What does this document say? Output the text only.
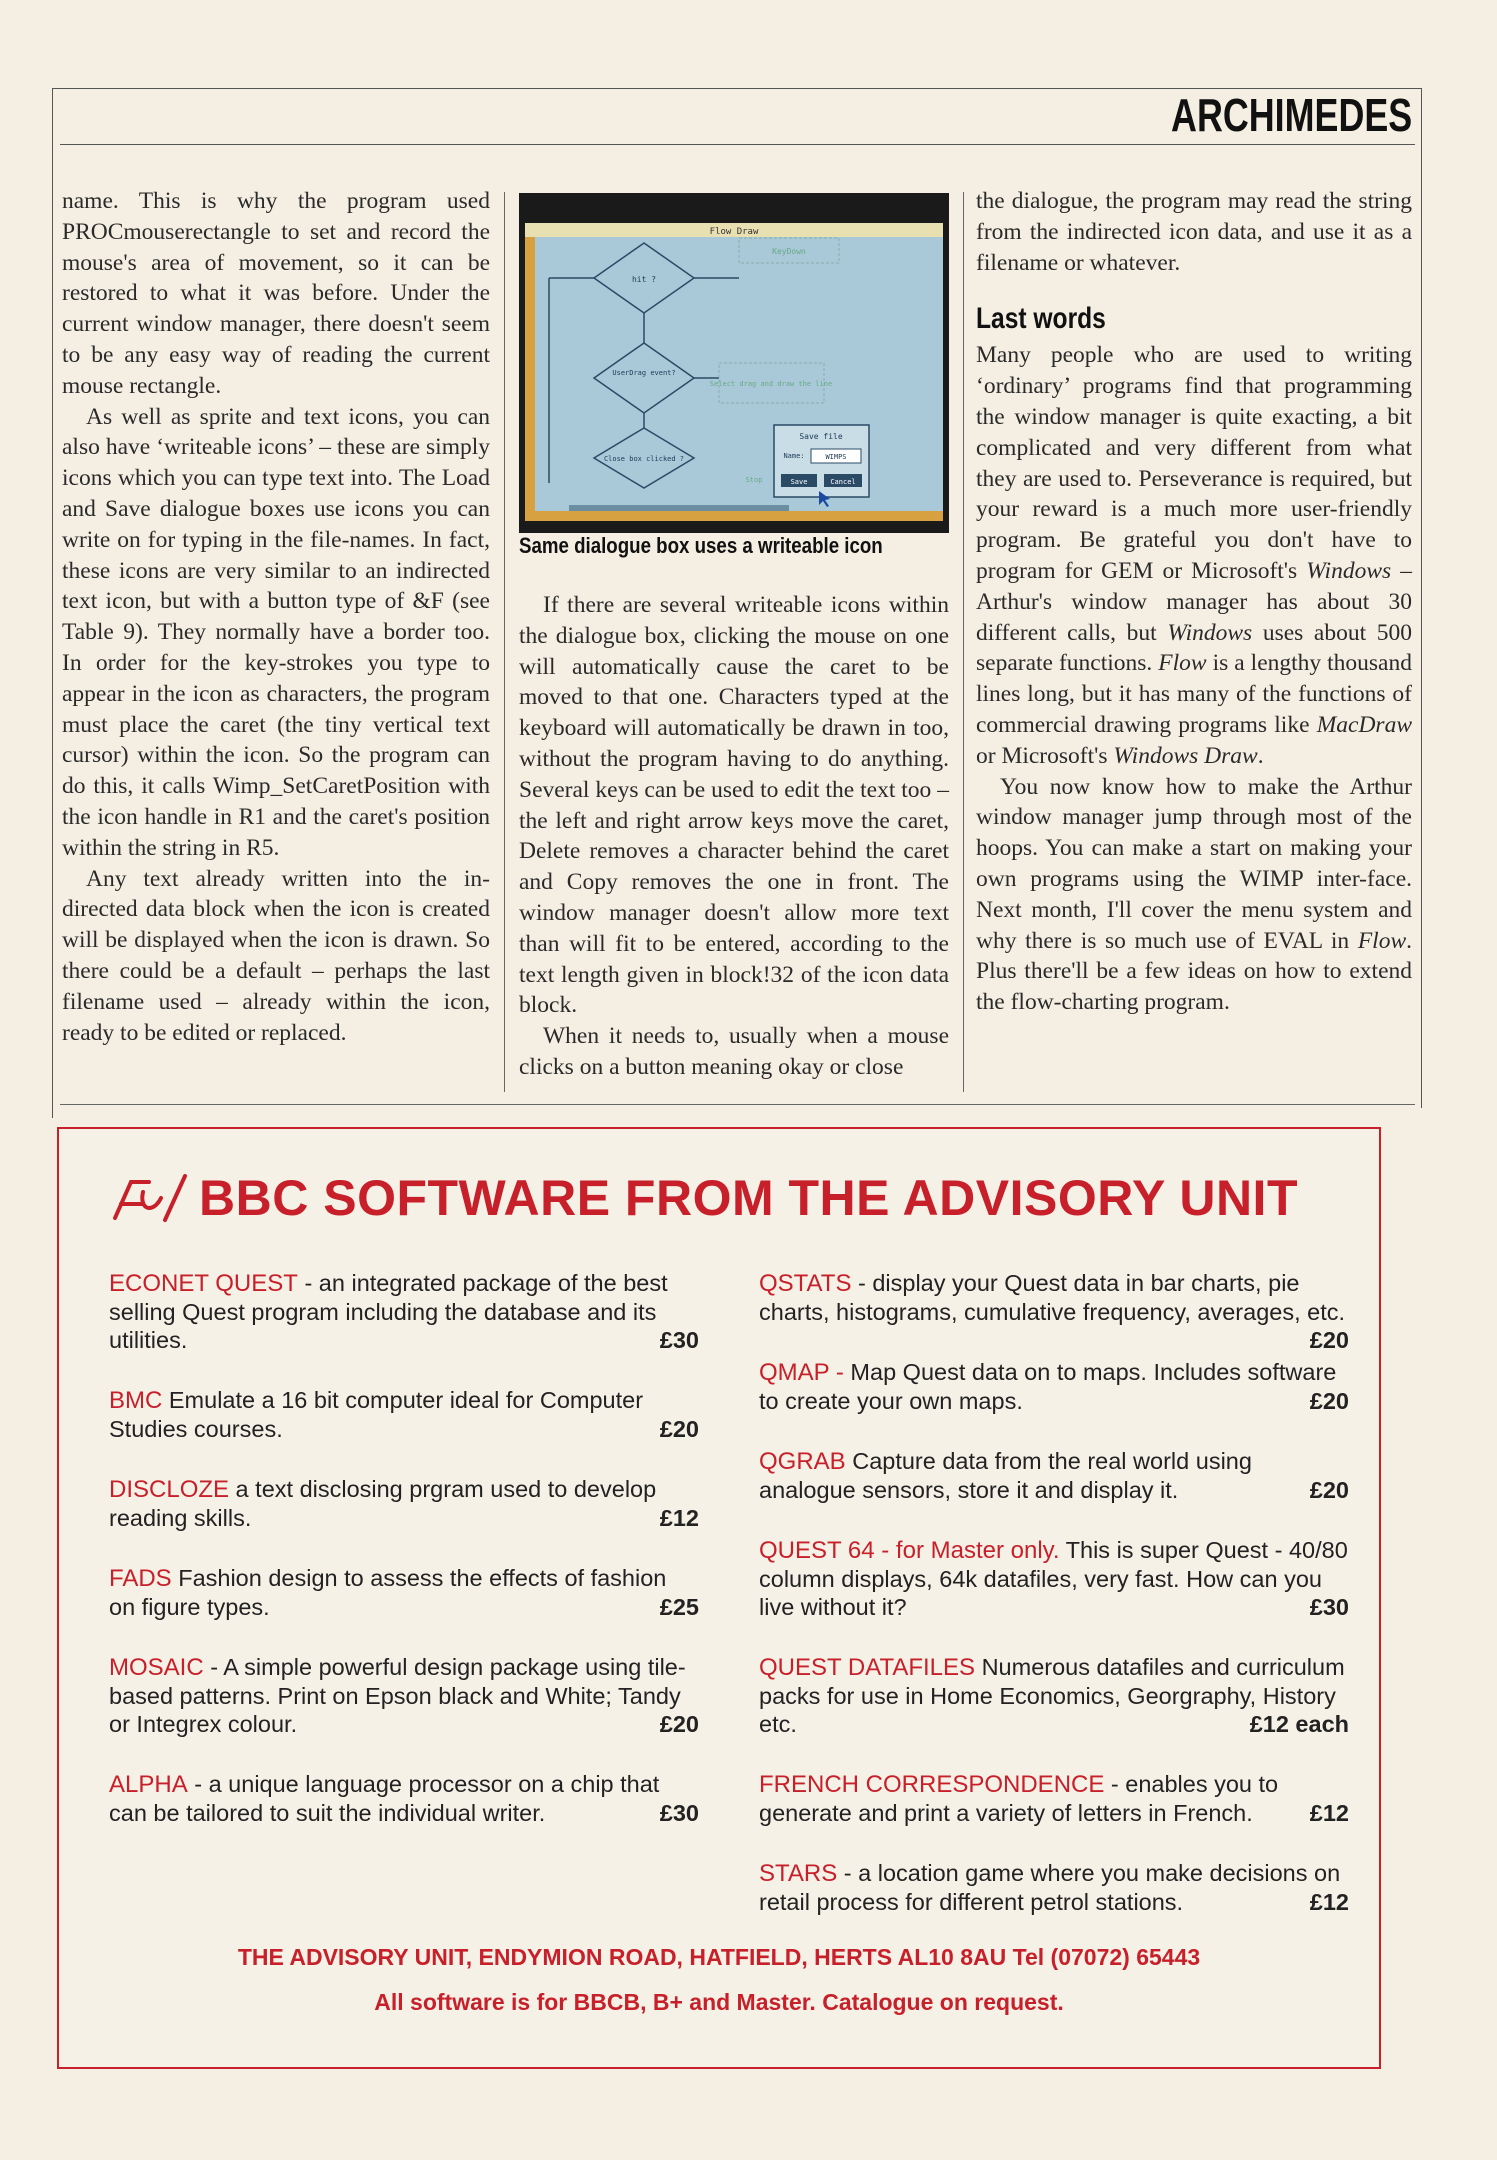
ARCHIMEDES

name. This is why the program used PROCmouserectangle to set and record the mouse's area of movement, so it can be restored to what it was before. Under the current window manager, there doesn't seem to be any easy way of reading the current mouse rectangle.

As well as sprite and text icons, you can also have ‘writeable icons’ – these are simply icons which you can type text into. The Load and Save dialogue boxes use icons you can write on for typing in the file-names. In fact, these icons are very similar to an indirected text icon, but with a button type of &F (see Table 9). They normally have a border too. In order for the key-strokes you type to appear in the icon as characters, the program must place the caret (the tiny vertical text cursor) within the icon. So the program can do this, it calls Wimp_SetCaretPosition with the icon handle in R1 and the caret's position within the string in R5.

Any text already written into the in-directed data block when the icon is created will be displayed when the icon is drawn. So there could be a default – perhaps the last filename used – already within the icon, ready to be edited or replaced.

Flow Draw
hit ?
UserDrag event?
Close box clicked ?
KeyDown
Select drag and draw the line
Save file
Name:	WIMPS
Save	Cancel
Stop
Same dialogue box uses a writeable icon

If there are several writeable icons within the dialogue box, clicking the mouse on one will automatically cause the caret to be moved to that one. Characters typed at the keyboard will automatically be drawn in too, without the program having to do anything. Several keys can be used to edit the text too – the left and right arrow keys move the caret, Delete removes a character behind the caret and Copy removes the one in front. The window manager doesn't allow more text than will fit to be entered, according to the text length given in block!32 of the icon data block.

When it needs to, usually when a mouse clicks on a button meaning okay or close

the dialogue, the program may read the string from the indirected icon data, and use it as a filename or whatever.

Last words

Many people who are used to writing ‘ordinary’ programs find that programming the window manager is quite exacting, a bit complicated and very different from what they are used to. Perseverance is required, but your reward is a much more user-friendly program. Be grateful you don't have to program for GEM or Microsoft's Windows – Arthur's window manager has about 30 different calls, but Windows uses about 500 separate functions. Flow is a lengthy thousand lines long, but it has many of the functions of commercial drawing programs like MacDraw or Microsoft's Windows Draw.

You now know how to make the Arthur window manager jump through most of the hoops. You can make a start on making your own programs using the WIMP inter-face. Next month, I'll cover the menu system and why there is so much use of EVAL in Flow. Plus there'll be a few ideas on how to extend the flow-charting program.

BBC SOFTWARE FROM THE ADVISORY UNIT
ECONET QUEST - an integrated package of the best selling Quest program including the database and its utilities.	£30
BMC Emulate a 16 bit computer ideal for Computer Studies courses.	£20
DISCLOZE a text disclosing prgram used to develop reading skills.	£12
FADS Fashion design to assess the effects of fashion on figure types.	£25
MOSAIC - A simple powerful design package using tile-based patterns. Print on Epson black and White; Tandy or Integrex colour.	£20
ALPHA - a unique language processor on a chip that can be tailored to suit the individual writer.	£30
QSTATS - display your Quest data in bar charts, pie charts, histograms, cumulative frequency, averages, etc.
£20
QMAP - Map Quest data on to maps. Includes software to create your own maps.	£20
QGRAB Capture data from the real world using analogue sensors, store it and display it.	£20
QUEST 64 - for Master only. This is super Quest - 40/80 column displays, 64k datafiles, very fast. How can you live without it?	£30
QUEST DATAFILES Numerous datafiles and curriculum packs for use in Home Economics, Georgraphy, History etc.	£12 each
FRENCH CORRESPONDENCE - enables you to generate and print a variety of letters in French. £12
STARS - a location game where you make decisions on retail process for different petrol stations.	£12
THE ADVISORY UNIT, ENDYMION ROAD, HATFIELD, HERTS AL10 8AU Tel (07072) 65443
All software is for BBCB, B+ and Master. Catalogue on request.
